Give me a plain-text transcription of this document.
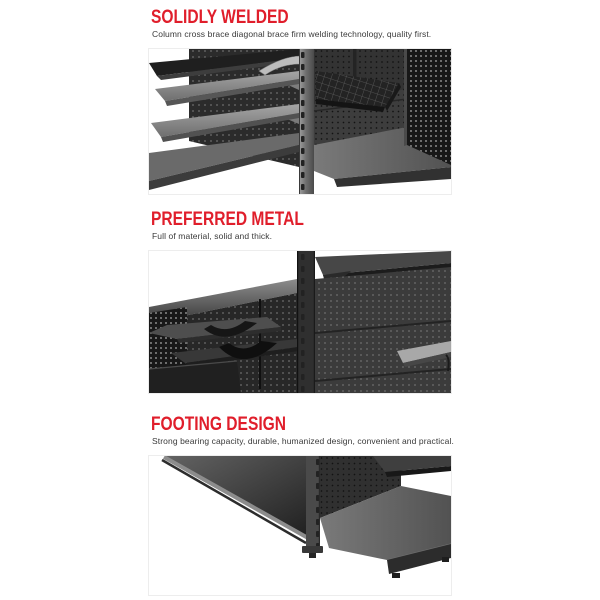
SOLIDLY WELDED

Column cross brace diagonal brace firm welding technology, quality first.

PREFERRED METAL

Full of material, solid and thick.

FOOTING DESIGN

Strong bearing capacity, durable, humanized design, convenient and practical.
